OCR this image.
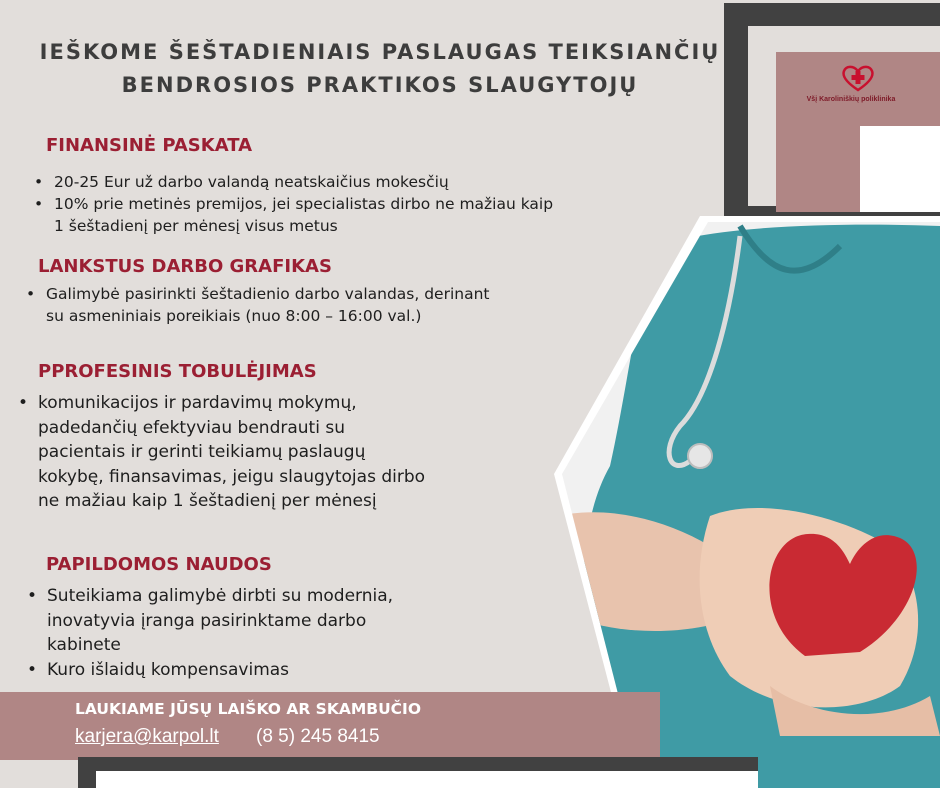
IEŠKOME ŠEŠTADIENIAIS PASLAUGAS TEIKSIANČIŲ
BENDROSIOS PRAKTIKOS SLAUGYTOJŲ
Všį Karoliniškių poliklinika
FINANSINĖ PASKATA
• 20-25 Eur už darbo valandą neatskaičius mokesčių
• 10% prie metinės premijos, jei specialistas dirbo ne mažiau kaip 1 šeštadienį per mėnesį visus metus
LANKSTUS DARBO GRAFIKAS
• Galimybė pasirinkti šeštadienio darbo valandas, derinant su asmeniniais poreikiais (nuo 8:00 – 16:00 val.)
PPROFESINIS TOBULĖJIMAS
• komunikacijos ir pardavimų mokymų, padedančių efektyviau bendrauti su pacientais ir gerinti teikiamų paslaugų kokybę, finansavimas, jeigu slaugytojas dirbo ne mažiau kaip 1 šeštadienį per mėnesį
PAPILDOMOS NAUDOS
• Suteikiama galimybė dirbti su modernia, inovatyvia įranga pasirinktame darbo kabinete
• Kuro išlaidų kompensavimas
LAUKIAME JŪSŲ LAIŠKO AR SKAMBUČIO
karjera@karpol.lt (8 5) 245 8415
